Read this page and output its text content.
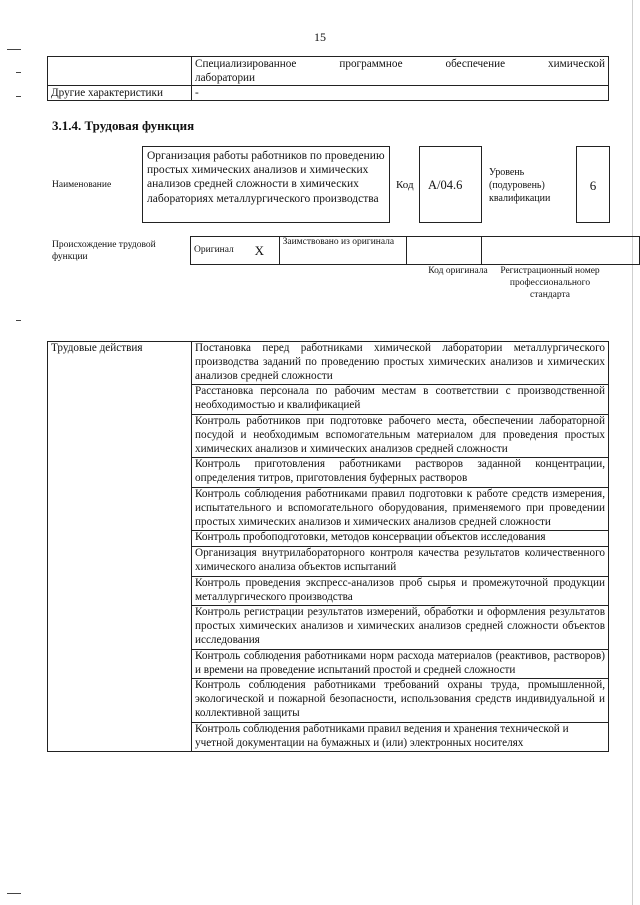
15

	Специализированное программное обеспечение химической
лаборатории

Другие характеристики	-
3.1.4. Трудовая функция
Наименование
Организация работы работников по проведению простых химических анализов и химических анализов средней сложности в химических лабораториях металлургического производства
Код	А/04.6
Уровень (подуровень) квалификации
6
Происхождение трудовой функции
Оригинал	X	Заимствовано из оригинала		
Код оригинала Регистрационный номер профессионального стандарта
Трудовые действия	Постановка перед работниками химической лаборатории металлургического производства заданий по проведению простых химических анализов и химических анализов средней сложности
Расстановка персонала по рабочим местам в соответствии с производственной необходимостью и квалификацией
Контроль работников при подготовке рабочего места, обеспечении лабораторной посудой и необходимым вспомогательным материалом для проведения простых химических анализов и химических анализов средней сложности
Контроль приготовления работниками растворов заданной концентрации, определения титров, приготовления буферных растворов
Контроль соблюдения работниками правил подготовки к работе средств измерения, испытательного и вспомогательного оборудования, применяемого при проведении простых химических анализов и химических анализов средней сложности
Контроль пробоподготовки, методов консервации объектов исследования
Организация внутрилабораторного контроля качества результатов количественного химического анализа объектов испытаний
Контроль проведения экспресс-анализов проб сырья и промежуточной продукции металлургического производства
Контроль регистрации результатов измерений, обработки и оформления результатов простых химических анализов и химических анализов средней сложности объектов исследования
Контроль соблюдения работниками норм расхода материалов (реактивов, растворов) и времени на проведение испытаний простой и средней сложности
Контроль соблюдения работниками требований охраны труда, промышленной, экологической и пожарной безопасности, использования средств индивидуальной и коллективной защиты
Контроль соблюдения работниками правил ведения и хранения технической и учетной документации на бумажных и (или) электронных носителях
